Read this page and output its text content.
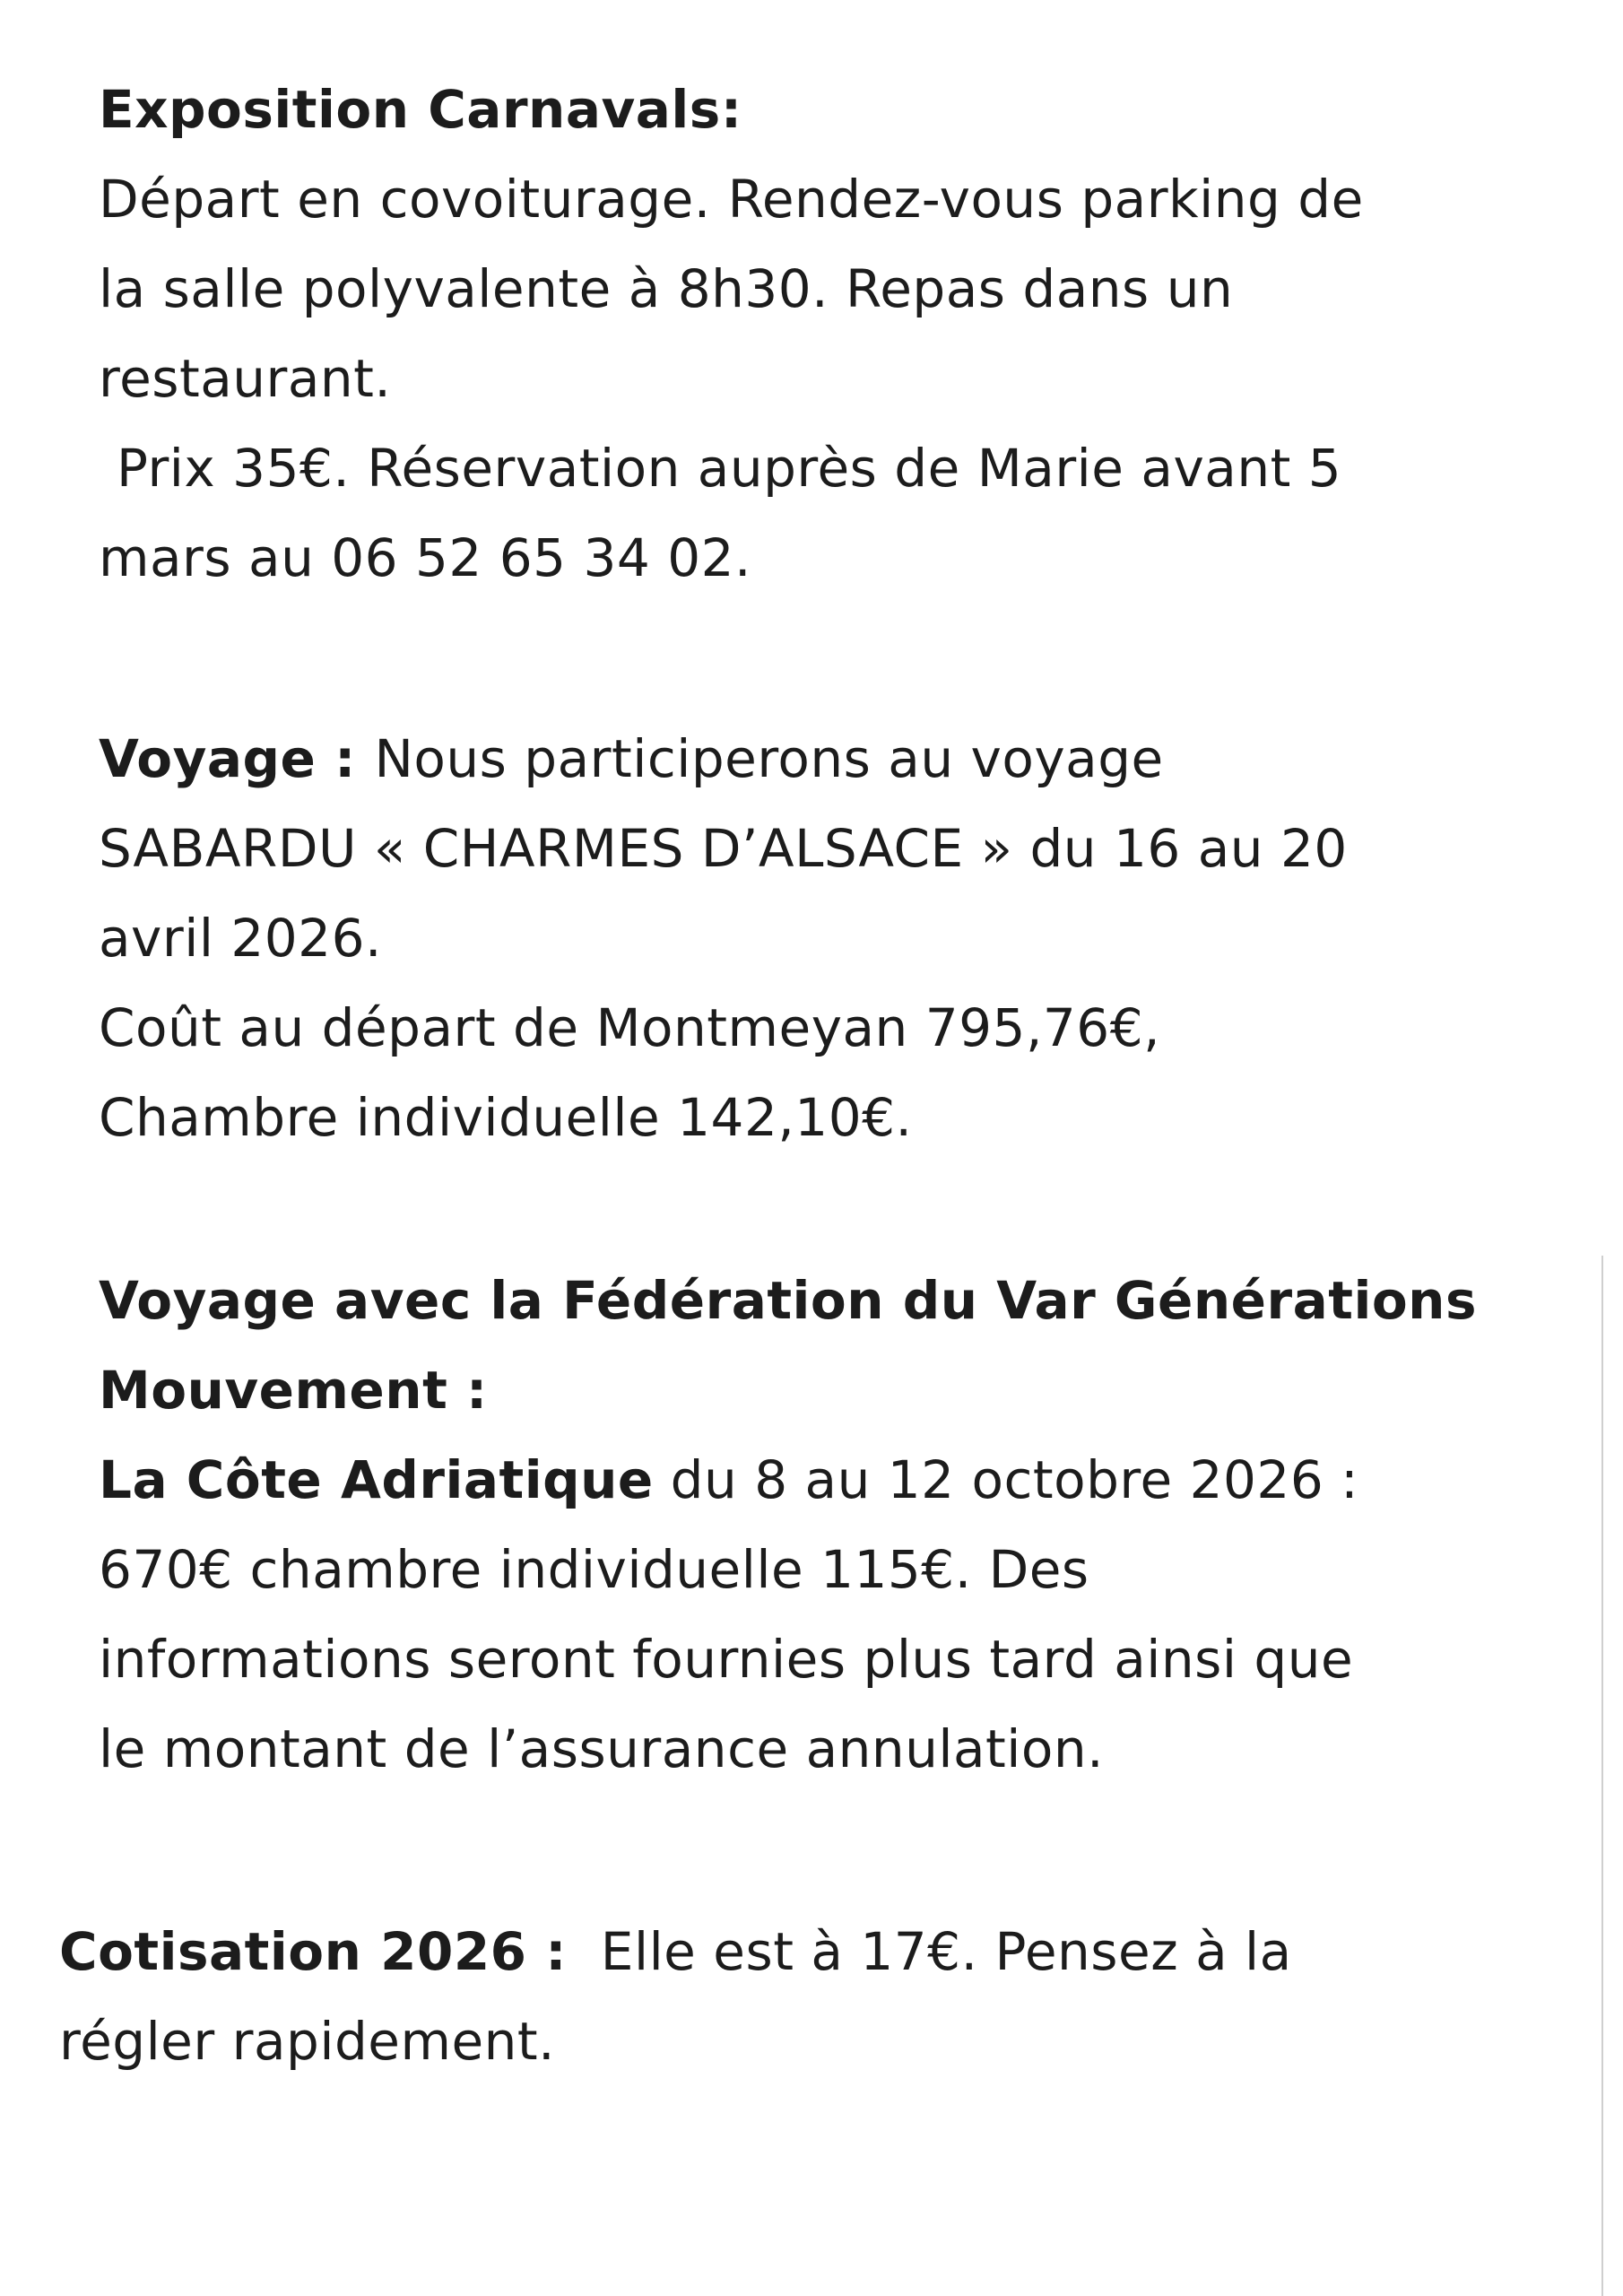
Exposition Carnavals:
Départ en covoiturage. Rendez-vous parking de
la salle polyvalente à 8h30. Repas dans un
restaurant.
Prix 35€. Réservation auprès de Marie avant 5
mars au 06 52 65 34 02.
Voyage : Nous participerons au voyage
SABARDU « CHARMES D’ALSACE » du 16 au 20
avril 2026.
Coût au départ de Montmeyan 795,76€,
Chambre individuelle 142,10€.
Voyage avec la Fédération du Var Générations
Mouvement :
La Côte Adriatique du 8 au 12 octobre 2026 :
670€ chambre individuelle 115€. Des
informations seront fournies plus tard ainsi que
le montant de l’assurance annulation.
Cotisation 2026 :  Elle est à 17€. Pensez à la
régler rapidement.
